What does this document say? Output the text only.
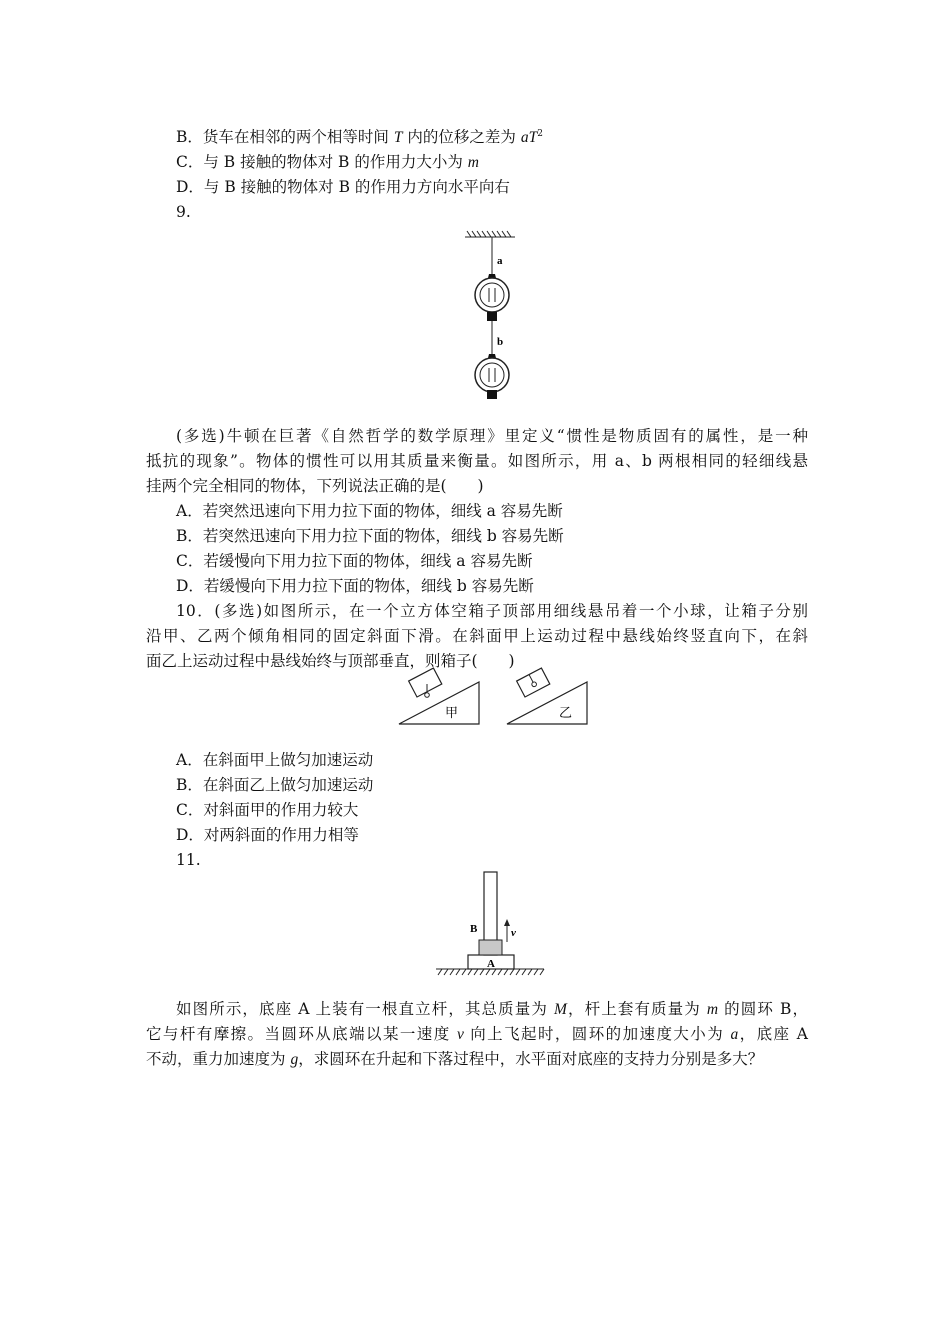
B．货车在相邻的两个相等时间 T 内的位移之差为 $aT^2$
C．与 B 接触的物体对 B 的作用力大小为 m
D．与 B 接触的物体对 B 的作用力方向水平向右
9.
a
b
(多选)牛顿在巨著《自然哲学的数学原理》里定义“惯性是物质固有的属性，是一种
抵抗的现象”。物体的惯性可以用其质量来衡量。如图所示，用 a、b 两根相同的轻细线悬
挂两个完全相同的物体，下列说法正确的是(　　)
A．若突然迅速向下用力拉下面的物体，细线 a 容易先断
B．若突然迅速向下用力拉下面的物体，细线 b 容易先断
C．若缓慢向下用力拉下面的物体，细线 a 容易先断
D．若缓慢向下用力拉下面的物体，细线 b 容易先断
10．(多选)如图所示，在一个立方体空箱子顶部用细线悬吊着一个小球，让箱子分别
沿甲、乙两个倾角相同的固定斜面下滑。在斜面甲上运动过程中悬线始终竖直向下，在斜
面乙上运动过程中悬线始终与顶部垂直，则箱子(　　)
甲	乙
A．在斜面甲上做匀加速运动
B．在斜面乙上做匀加速运动
C．对斜面甲的作用力较大
D．对两斜面的作用力相等
11.
A
B	v
如图所示，底座 A 上装有一根直立杆，其总质量为 M，杆上套有质量为 m 的圆环 B，
它与杆有摩擦。当圆环从底端以某一速度 v 向上飞起时，圆环的加速度大小为 a，底座 A
不动，重力加速度为 g，求圆环在升起和下落过程中，水平面对底座的支持力分别是多大？
